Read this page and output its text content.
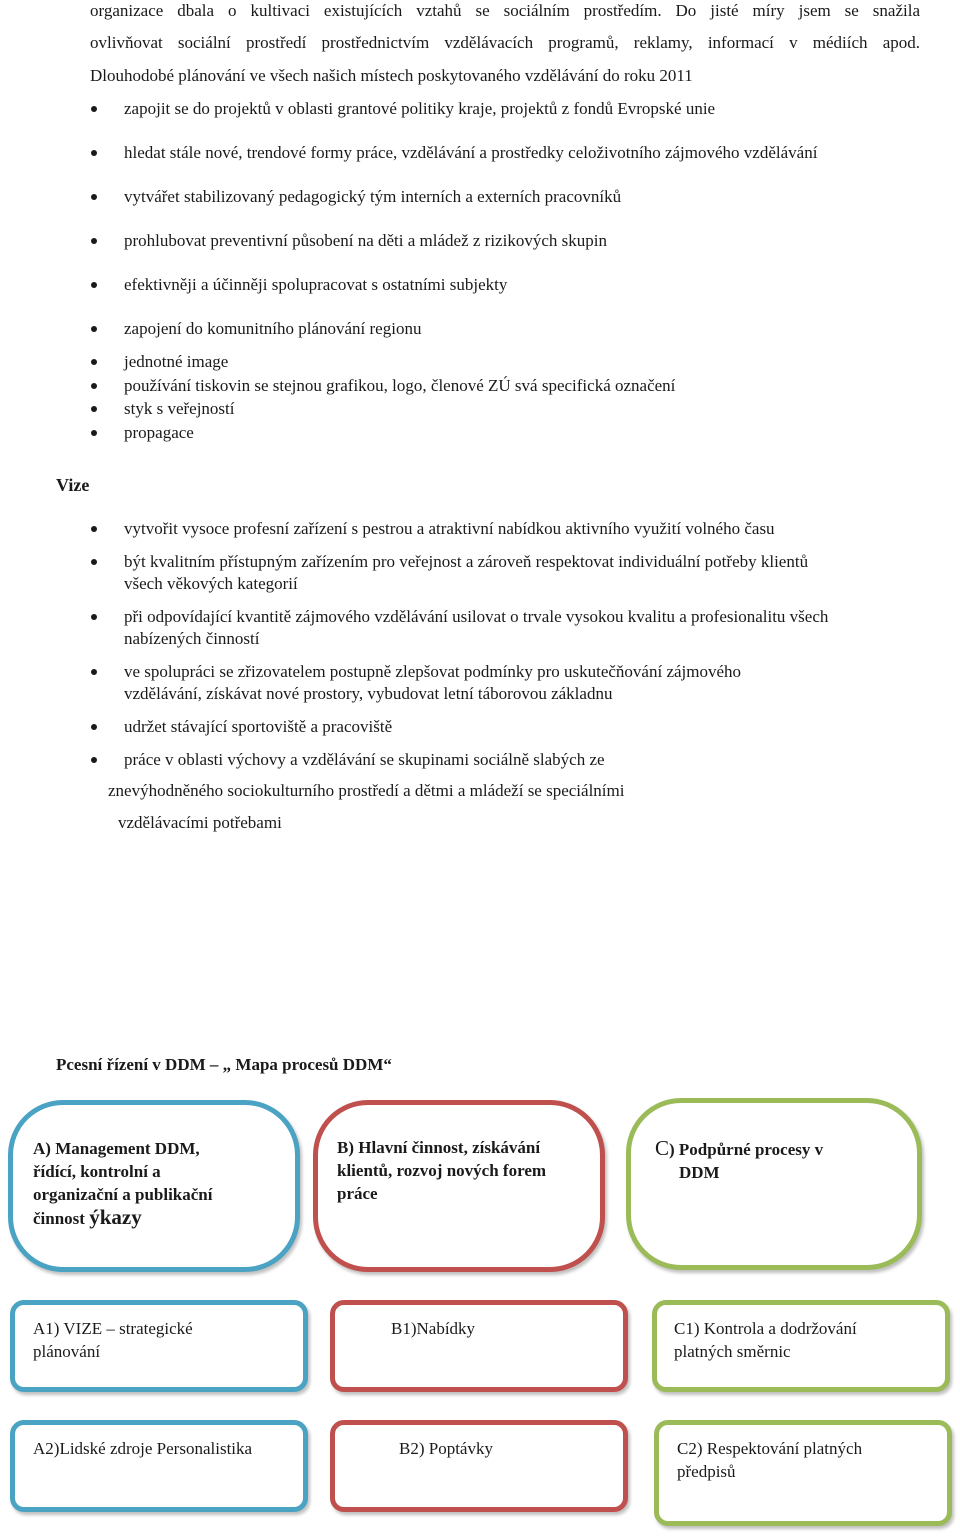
organizace dbala o kultivaci existujících vztahů se sociálním prostředím. Do jisté míry jsem se snažila
ovlivňovat sociální prostředí prostřednictvím vzdělávacích programů, reklamy, informací v médiích apod.
Dlouhodobé plánování ve všech našich místech poskytovaného vzdělávání do roku 2011
zapojit se do projektů v oblasti grantové politiky kraje, projektů z fondů Evropské unie
hledat stále nové, trendové formy práce, vzdělávání a prostředky celoživotního zájmového vzdělávání
vytvářet stabilizovaný pedagogický tým interních a externích pracovníků
prohlubovat preventivní působení na děti a mládež z rizikových skupin
efektivněji a účinněji spolupracovat s ostatními subjekty
zapojení do komunitního plánování regionu
jednotné image
používání tiskovin se stejnou grafikou, logo, členové ZÚ svá specifická označení
styk s veřejností
propagace
Vize
vytvořit vysoce profesní zařízení s pestrou a atraktivní nabídkou aktivního využití volného času
být kvalitním přístupným zařízením pro veřejnost a zároveň respektovat individuální potřeby klientů
všech věkových kategorií
při odpovídající kvantitě zájmového vzdělávání usilovat o trvale vysokou kvalitu a profesionalitu všech
nabízených činností
ve spolupráci se zřizovatelem postupně zlepšovat podmínky pro uskutečňování zájmového
vzdělávání, získávat nové prostory, vybudovat letní táborovou základnu
udržet stávající sportoviště a pracoviště
práce v oblasti výchovy a vzdělávání se skupinami sociálně slabých ze
znevýhodněného sociokulturního prostředí a dětmi a mládeží se speciálními
vzdělávacími potřebami
Pcesní řízení v DDM – „ Mapa procesů DDM“
A) Management DDM,
řídící, kontrolní a
organizační a publikační
činnost ýkazy
B) Hlavní činnost, získávání
klientů, rozvoj nových forem
práce
C) Podpůrné procesy v
DDM
A1) VIZE – strategické
plánování
B1)Nabídky	C1) Kontrola a dodržování
platných směrnic
A2)Lidské zdroje Personalistika	B2) Poptávky	C2) Respektování platných
předpisů
